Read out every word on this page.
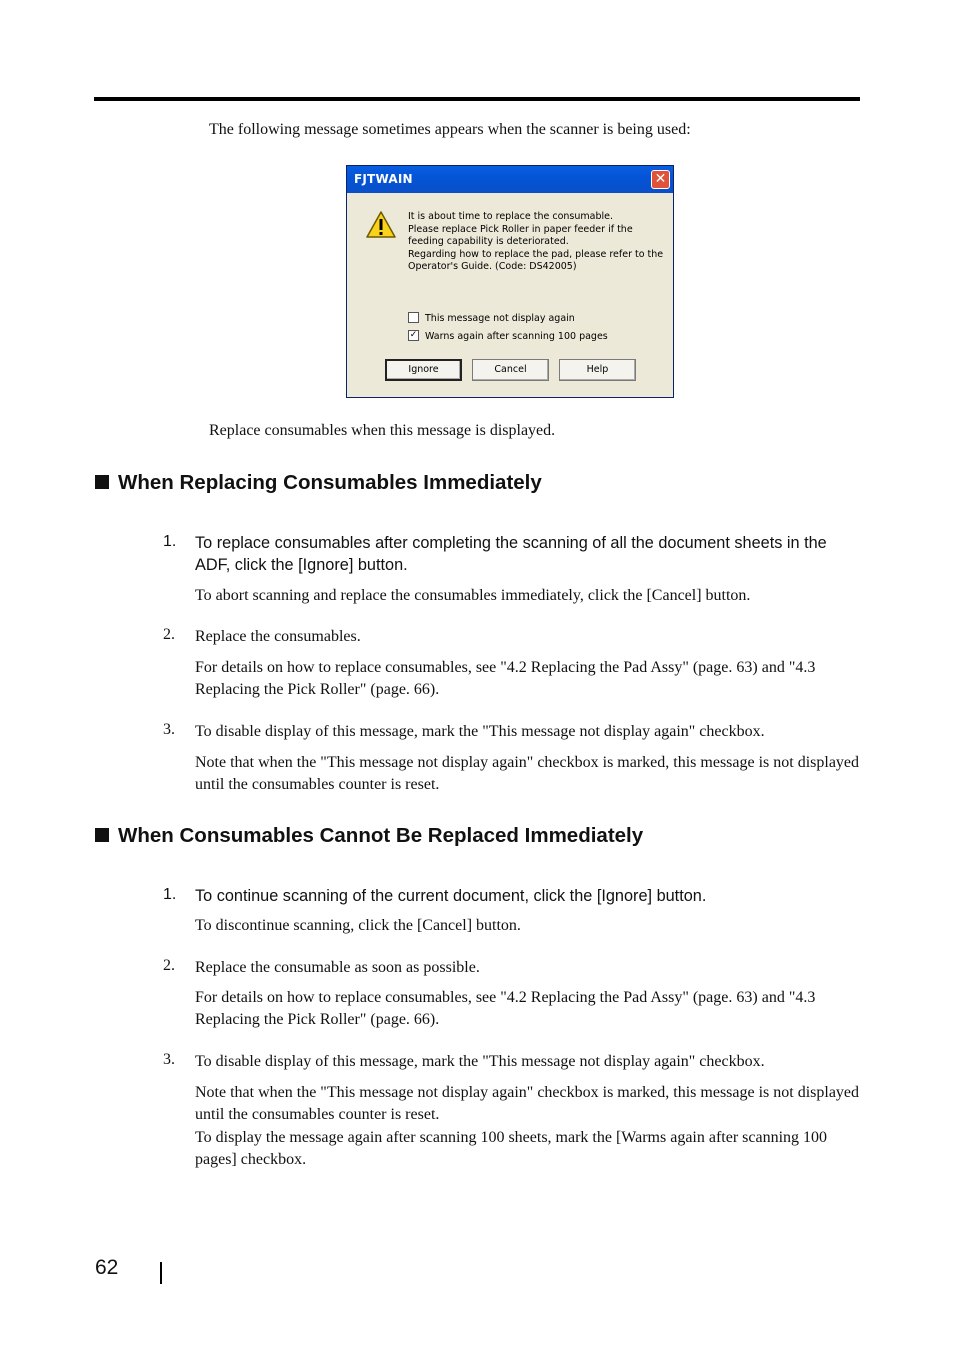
The following message sometimes appears when the scanner is being used:
FJTWAIN	✕
It is about time to replace the consumable.
Please replace Pick Roller in paper feeder if the
feeding capability is deteriorated.
Regarding how to replace the pad, please refer to the
Operator's Guide. (Code: DS42005)
This message not display again
✓ Warns again after scanning 100 pages
Ignore	Cancel	Help
Replace consumables when this message is displayed.
When Replacing Consumables Immediately
1. To replace consumables after completing the scanning of all the document sheets in the ADF, click the [Ignore] button.
To abort scanning and replace the consumables immediately, click the [Cancel] button.
2. Replace the consumables.
For details on how to replace consumables, see "4.2 Replacing the Pad Assy" (page. 63) and "4.3 Replacing the Pick Roller" (page. 66).
3. To disable display of this message, mark the "This message not display again" checkbox.
Note that when the "This message not display again" checkbox is marked, this message is not displayed until the consumables counter is reset.
When Consumables Cannot Be Replaced Immediately
1. To continue scanning of the current document, click the [Ignore] button.
To discontinue scanning, click the [Cancel] button.
2. Replace the consumable as soon as possible.
For details on how to replace consumables, see "4.2 Replacing the Pad Assy" (page. 63) and "4.3 Replacing the Pick Roller" (page. 66).
3. To disable display of this message, mark the "This message not display again" checkbox.
Note that when the "This message not display again" checkbox is marked, this message is not displayed until the consumables counter is reset.
To display the message again after scanning 100 sheets, mark the [Warms again after scanning 100 pages] checkbox.
62
